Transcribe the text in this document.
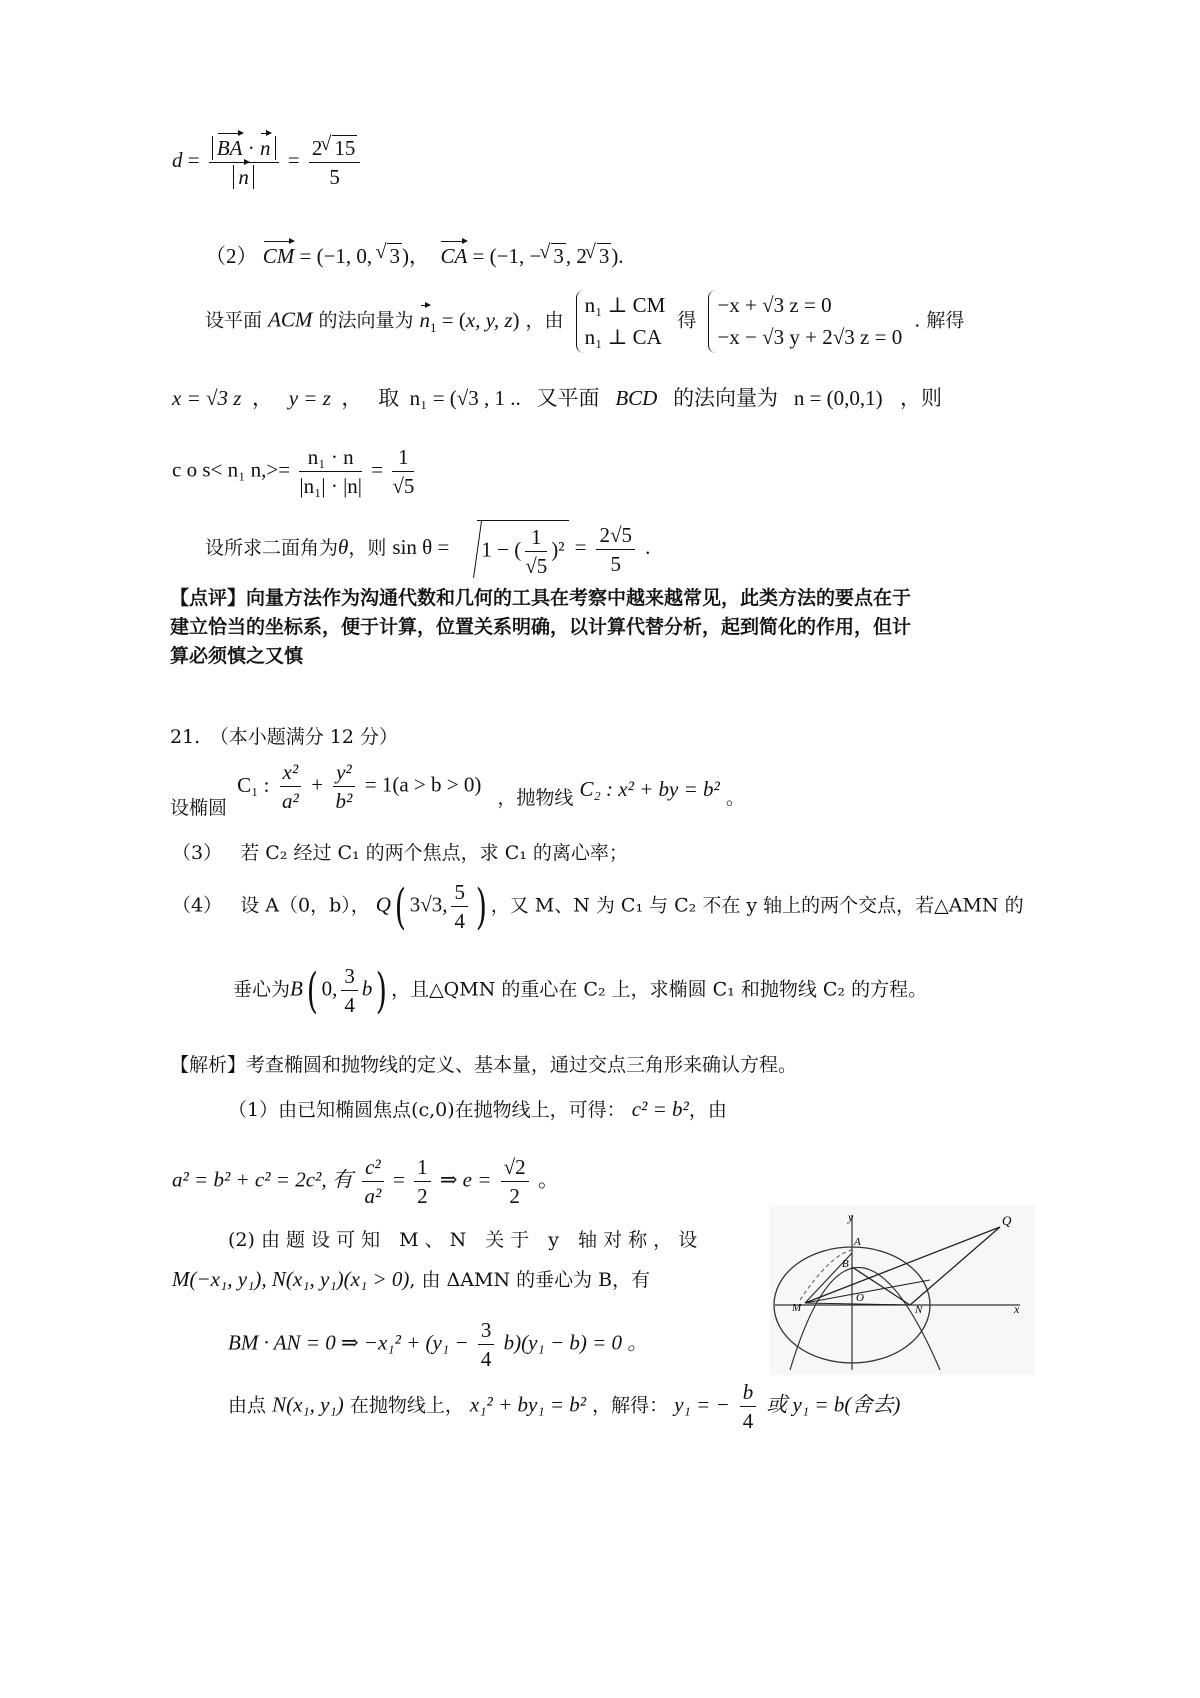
$d = \frac{BA \cdot n}{n} = \frac{2 √ 15}{5}$
（2） CM = (−1, 0, √ 3)， CA = (−1, − √ 3, 2 √ 3).
设平面 ACM 的法向量为 $n_1 = (x$, y, z) ，由
n₁ ⊥ CM
n₁ ⊥ CA
得
−x + √3 z = 0
−x − √3 y + 2√3 z = 0
. 解得
x = √3 z  ，   y = z  ，   取 n₁ = (√3 , 1 .. 又平面 BCD 的法向量为 n = (0,0,1) ，则
c o s< n₁ $n,>= \frac{\text{n₁ · n}}{\text{|n₁| · |n|}} = \frac{1}{√5}$
设所求二面角为θ，则 sin θ = 1 − ( $\frac{1}{√5} )^2 = \frac{2√5}{5}$ .
【点评】向量方法作为沟通代数和几何的工具在考察中越来越常见，此类方法的要点在于
建立恰当的坐标系，便于计算，位置关系明确，以计算代替分析，起到简化的作用，但计
算必须慎之又慎
21.　（本小题满分 12 分）
设椭圆 C₁ : $\frac{\text{x²}}{\text{a²}} + \frac{\text{y²}}{\text{b²}} = 1(a > b > 0)$ ，抛物线 C₂ : x² + by = b² 。
（3） 若 C₂ 经过 C₁ 的两个焦点，求 C₁ 的离心率；
（4） 设 A（0，b）， Q( 3√3, $\frac{5}{4}$ ) ，又 M、N 为 C₁ 与 C₂ 不在 y 轴上的两个交点，若△AMN 的
垂心为B( 0, $\frac{3}{4} b$) ，且△QMN 的重心在 C₂ 上，求椭圆 C₁ 和抛物线 C₂ 的方程。
【解析】考查椭圆和抛物线的定义、基本量，通过交点三角形来确认方程。
（1）由已知椭圆焦点(c,0)在抛物线上，可得： c² = b²，由
a² = b² + c² = 2c², 有 $\frac{\text{c²}}{\text{a²}} = \frac{1}{2}$ ⇒ $e = \frac{√2}{2}$ 。
(2) 由 题 设 可 知　M 、 N　关 于　y　轴 对 称 ， 设
M(−x₁, y₁), N(x₁, y₁)(x₁ > 0), 由 ΔAMN 的垂心为 B，有
BM · AN = 0 ⇒ $-x_1^2 + (y_1 - \frac{3}{4} b)(y_1 - b) = 0$ 。
由点 N(x₁, y₁) 在抛物线上， x₁² + by₁ = b² ，解得： y₁ = − $\frac{b}{4}$ 或 y₁ = b(舍去)
y	Q
A
B
O
M	N	x
